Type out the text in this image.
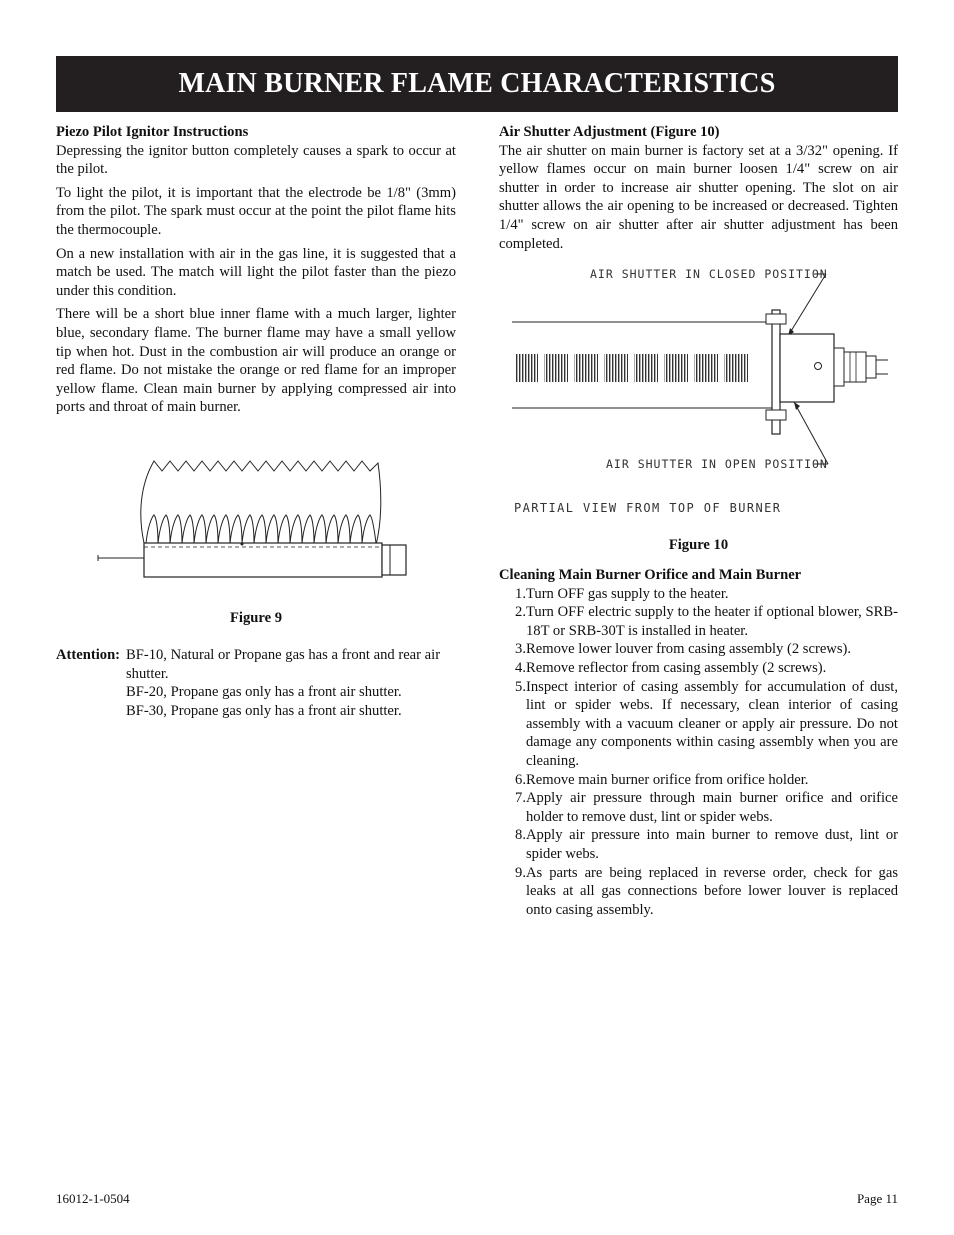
MAIN BURNER FLAME CHARACTERISTICS
Piezo Pilot Ignitor Instructions

Depressing the ignitor button completely causes a spark to occur at the pilot.

To light the pilot, it is important that the electrode be 1/8" (3mm) from the pilot. The spark must occur at the point the pilot flame hits the thermocouple.

On a new installation with air in the gas line, it is suggested that a match be used. The match will light the pilot faster than the piezo under this condition.

There will be a short blue inner flame with a much larger, lighter blue, secondary flame. The burner flame may have a small yellow tip when hot. Dust in the combustion air will produce an orange or red flame. Do not mistake the orange or red flame for an improper yellow flame. Clean main burner by applying compressed air into ports and throat of main burner.

Figure 9
Attention: BF-10, Natural or Propane gas has a front and rear air shutter.
BF-20, Propane gas only has a front air shutter.
BF-30, Propane gas only has a front air shutter.
Air Shutter Adjustment (Figure 10)

The air shutter on main burner is factory set at a 3/32" opening. If yellow flames occur on main burner loosen 1/4" screw on air shutter in order to increase air shutter opening. The slot on air shutter allows the air opening to be increased or decreased. Tighten 1/4" screw on air shutter after air shutter adjustment has been completed.

AIR SHUTTER IN CLOSED POSITION
AIR SHUTTER IN OPEN POSITION
PARTIAL VIEW FROM TOP OF BURNER
Figure 10
Cleaning Main Burner Orifice and Main Burner
1. Turn OFF gas supply to the heater.
2. Turn OFF electric supply to the heater if optional blower, SRB-18T or SRB-30T is installed in heater.
3. Remove lower louver from casing assembly (2 screws).
4. Remove reflector from casing assembly (2 screws).
5. Inspect interior of casing assembly for accumulation of dust, lint or spider webs. If necessary, clean interior of casing assembly with a vacuum cleaner or apply air pressure. Do not damage any components within casing assembly when you are cleaning.
6. Remove main burner orifice from orifice holder.
7. Apply air pressure through main burner orifice and orifice holder to remove dust, lint or spider webs.
8. Apply air pressure into main burner to remove dust, lint or spider webs.
9. As parts are being replaced in reverse order, check for gas leaks at all gas connections before lower louver is replaced onto casing assembly.
16012-1-0504	Page 11
